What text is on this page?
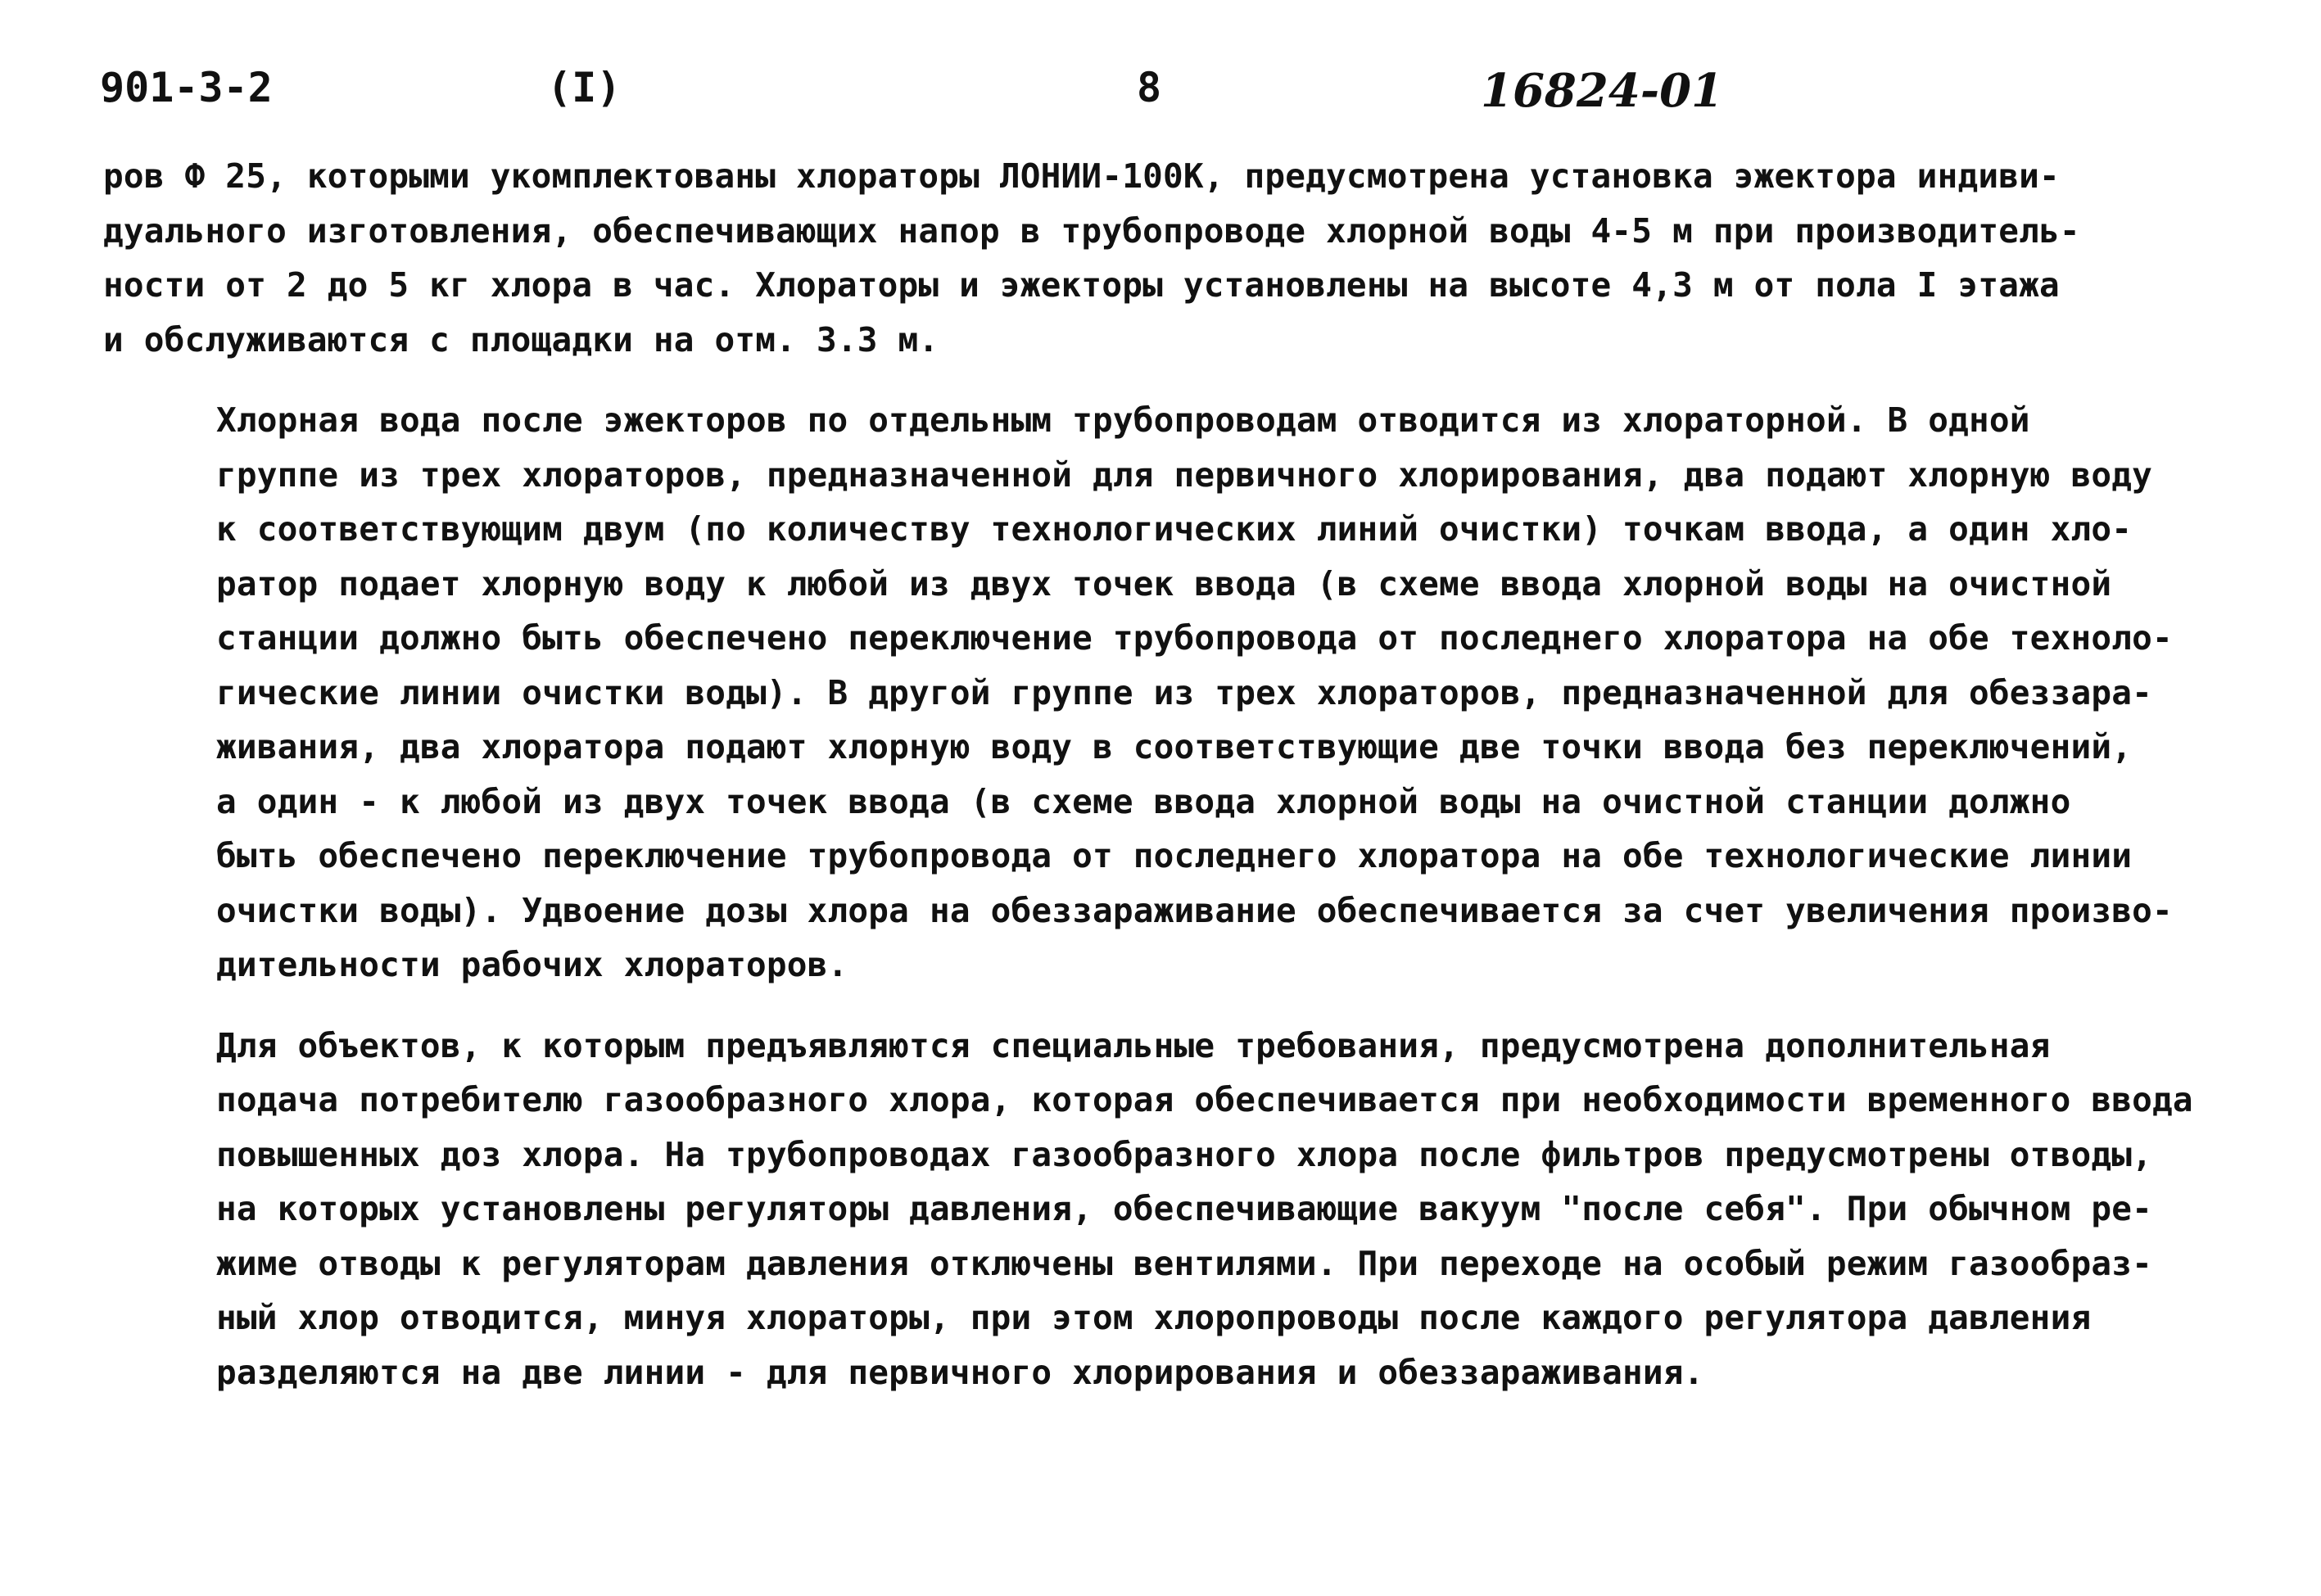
901-3-2	(I)	8	16824-01

ров Ф 25, которыми укомплектованы хлораторы ЛОНИИ-100К, предусмотрена установка эжектора индиви-
дуального изготовления, обеспечивающих напор в трубопроводе хлорной воды 4-5 м при производитель-
ности от 2 до 5 кг хлора в час. Хлораторы и эжекторы установлены на высоте 4,3 м от пола I этажа
и обслуживаются с площадки на отм. 3.3 м.

Хлорная вода после эжекторов по отдельным трубопроводам отводится из хлораторной. В одной
группе из трех хлораторов, предназначенной для первичного хлорирования, два подают хлорную воду
к соответствующим двум (по количеству технологических линий очистки) точкам ввода, а один хло-
ратор подает хлорную воду к любой из двух точек ввода (в схеме ввода хлорной воды на очистной
станции должно быть обеспечено переключение трубопровода от последнего хлоратора на обе техноло-
гические линии очистки воды). В другой группе из трех хлораторов, предназначенной для обеззара-
живания, два хлоратора подают хлорную воду в соответствующие две точки ввода без переключений,
а один - к любой из двух точек ввода (в схеме ввода хлорной воды на очистной станции должно
быть обеспечено переключение трубопровода от последнего хлоратора на обе технологические линии
очистки воды). Удвоение дозы хлора на обеззараживание обеспечивается за счет увеличения произво-
дительности рабочих хлораторов.

Для объектов, к которым предъявляются специальные требования, предусмотрена дополнительная
подача потребителю газообразного хлора, которая обеспечивается при необходимости временного ввода
повышенных доз хлора. На трубопроводах газообразного хлора после фильтров предусмотрены отводы,
на которых установлены регуляторы давления, обеспечивающие вакуум "после себя". При обычном ре-
жиме отводы к регуляторам давления отключены вентилями. При переходе на особый режим газообраз-
ный хлор отводится, минуя хлораторы, при этом хлоропроводы после каждого регулятора давления
разделяются на две линии - для первичного хлорирования и обеззараживания.
